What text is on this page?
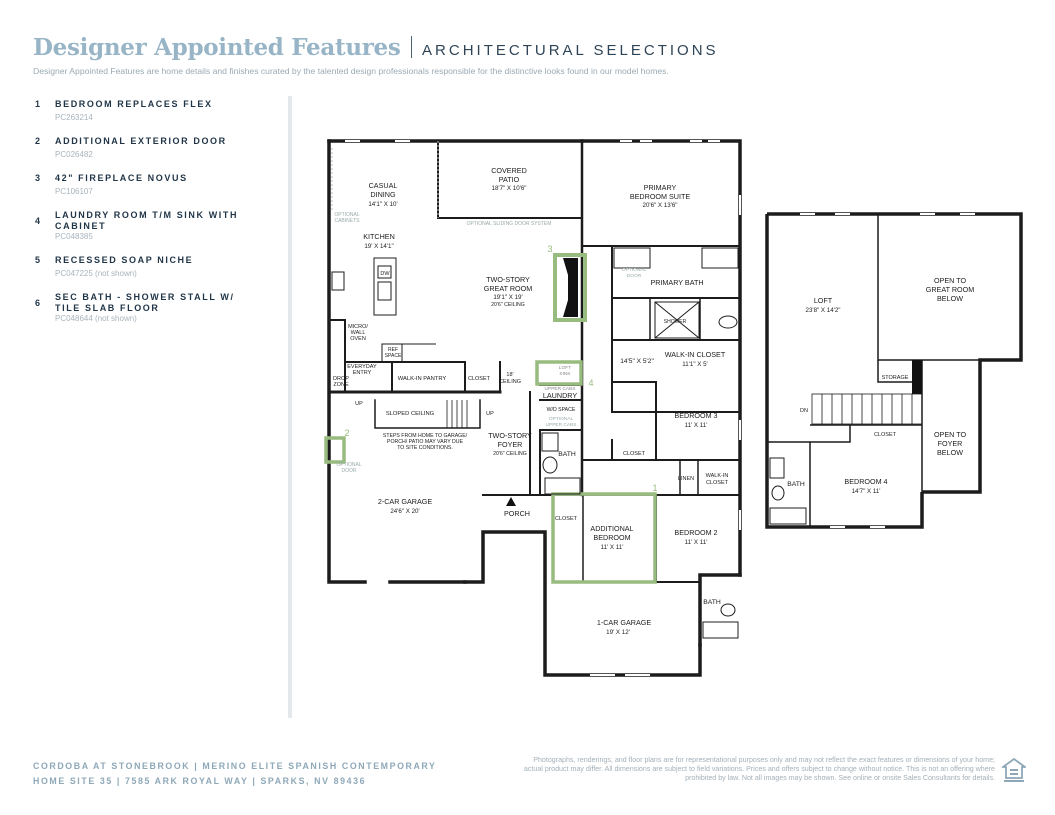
Designer Appointed Features ARCHITECTURAL SELECTIONS
Designer Appointed Features are home details and finishes curated by the talented design professionals responsible for the distinctive looks found in our model homes.
1 BEDROOM REPLACES FLEX
PC263214
2 ADDITIONAL EXTERIOR DOOR
PC026482
3 42" FIREPLACE NOVUS
PC106107
4
LAUNDRY ROOM T/M SINK WITH CABINET
PC048385
5 RECESSED SOAP NICHE
PC047225 (not shown)
6
SEC BATH - SHOWER STALL W/ TILE SLAB FLOOR
PC048644 (not shown)
CASUAL
DINING
14'1" X 10'
OPTIONAL
CABINETS
KITCHEN
19' X 14'1"
DW
MICRO/
WALL
OVEN
REF
SPACE
EVERYDAY
ENTRY
DROP
ZONE
WALK-IN PANTRY	CLOSET
UP
SLOPED CEILING	UP
STEPS FROM HOME TO GARAGE/
PORCH/ PATIO MAY VARY DUE
TO SITE CONDITIONS.
OPTIONAL
DOOR
2-CAR GARAGE
24'6" X 20'
COVERED
PATIO
18'7" X 10'6"
OPTIONAL SLIDING DOOR SYSTEM
TWO-STORY
GREAT ROOM
19'1" X 19'
20'6" CEILING
18'
CEILING
TWO-STORY
FOYER
20'6" CEILING
PORCH
LOFT
SINK
UPPER CABS
LAUNDRY
W/D SPACE
OPTIONAL
UPPER CABS
BATH
PRIMARY
BEDROOM SUITE
20'6" X 13'6"
OPTIONAL
DOOR
PRIMARY BATH
SHOWER
14'5" X 5'2"
WALK-IN CLOSET
11'1" X 5'
BEDROOM 3
11' X 11'
CLOSET
LINEN WALK-IN
CLOSET
BEDROOM 2
11' X 11'
CLOSET
ADDITIONAL
BEDROOM
11' X 11'
BATH
1-CAR GARAGE
19' X 12'
LOFT
23'8" X 14'2"
OPEN TO
GREAT ROOM
BELOW
STORAGE
DN
CLOSET	OPEN TO
FOYER
BELOW
BEDROOM 4
14'7" X 11'
BATH
1
2
3
4
CORDOBA AT STONEBROOK | MERINO ELITE SPANISH CONTEMPORARY
HOME SITE 35 | 7585 ARK ROYAL WAY | SPARKS, NV 89436
Photographs, renderings, and floor plans are for representational purposes only and may not reflect the exact features or dimensions of your home; actual product may differ. All dimensions are subject to field variations. Prices and offers subject to change without notice. This is not an offering where prohibited by law. Not all images may be shown. See online or onsite Sales Consultants for details.
